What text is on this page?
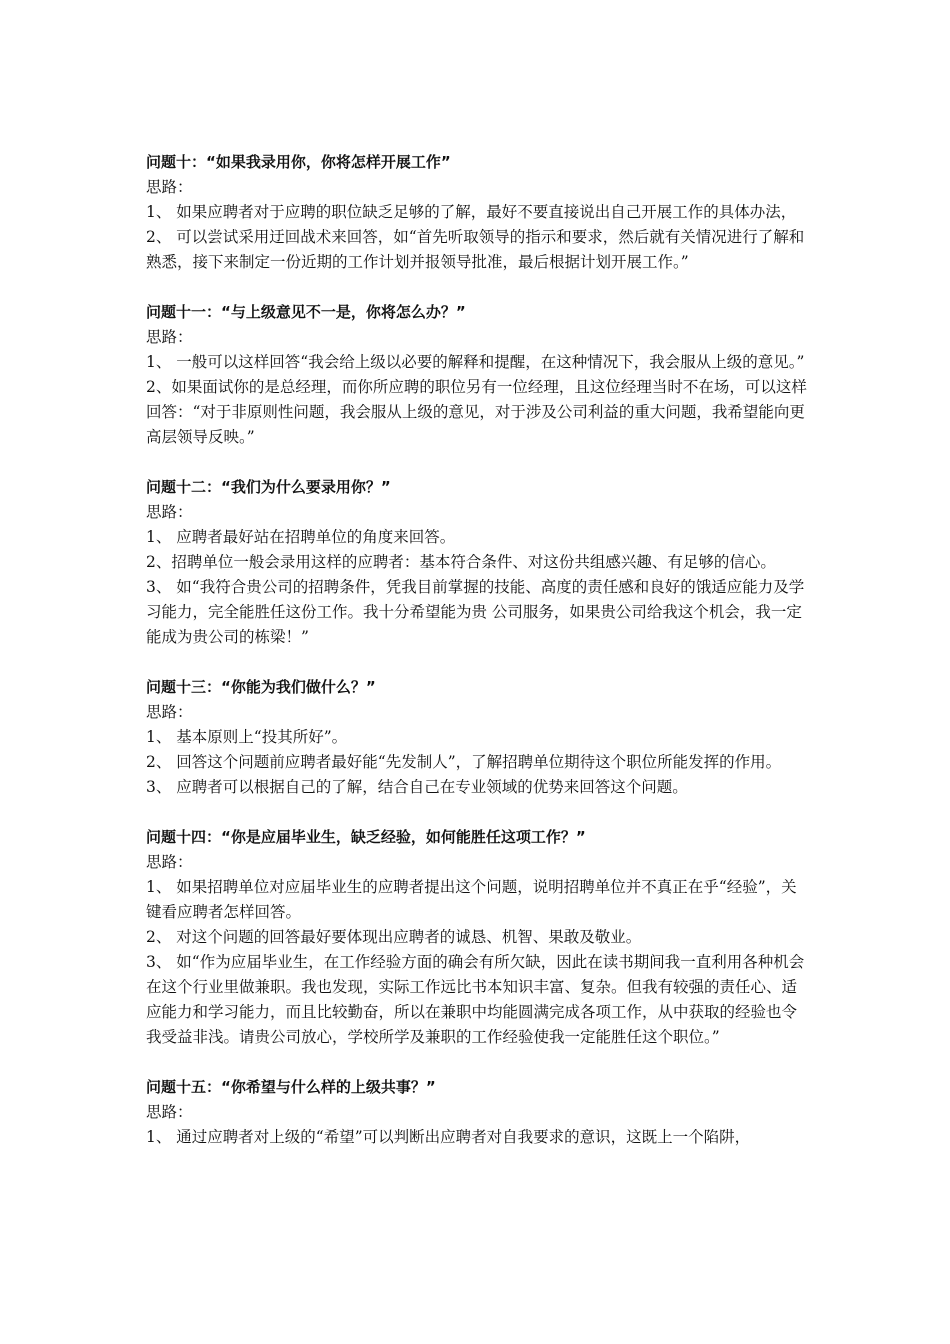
问题十：“如果我录用你，你将怎样开展工作”
思路：

1、 如果应聘者对于应聘的职位缺乏足够的了解，最好不要直接说出自己开展工作的具体办法，

2、 可以尝试采用迂回战术来回答，如“首先听取领导的指示和要求，然后就有关情况进行了解和熟悉，接下来制定一份近期的工作计划并报领导批准，最后根据计划开展工作。”

问题十一：“与上级意见不一是，你将怎么办？”
思路：

1、 一般可以这样回答“我会给上级以必要的解释和提醒，在这种情况下，我会服从上级的意见。”

2、如果面试你的是总经理，而你所应聘的职位另有一位经理，且这位经理当时不在场，可以这样回答：“对于非原则性问题，我会服从上级的意见，对于涉及公司利益的重大问题，我希望能向更高层领导反映。”

问题十二：“我们为什么要录用你？”
思路：

1、 应聘者最好站在招聘单位的角度来回答。

2、招聘单位一般会录用这样的应聘者：基本符合条件、对这份共组感兴趣、有足够的信心。

3、 如“我符合贵公司的招聘条件，凭我目前掌握的技能、高度的责任感和良好的饿适应能力及学习能力，完全能胜任这份工作。我十分希望能为贵 公司服务，如果贵公司给我这个机会，我一定能成为贵公司的栋梁！”

问题十三：“你能为我们做什么？”
思路：

1、 基本原则上“投其所好”。

2、 回答这个问题前应聘者最好能“先发制人”，了解招聘单位期待这个职位所能发挥的作用。 3、 应聘者可以根据自己的了解，结合自己在专业领域的优势来回答这个问题。

问题十四：“你是应届毕业生，缺乏经验，如何能胜任这项工作？”
思路：

1、 如果招聘单位对应届毕业生的应聘者提出这个问题，说明招聘单位并不真正在乎“经验”，关键看应聘者怎样回答。

2、 对这个问题的回答最好要体现出应聘者的诚恳、机智、果敢及敬业。

3、 如“作为应届毕业生，在工作经验方面的确会有所欠缺，因此在读书期间我一直利用各种机会在这个行业里做兼职。我也发现，实际工作远比书本知识丰富、复杂。但我有较强的责任心、适应能力和学习能力，而且比较勤奋，所以在兼职中均能圆满完成各项工作，从中获取的经验也令我受益非浅。请贵公司放心，学校所学及兼职的工作经验使我一定能胜任这个职位。”

问题十五：“你希望与什么样的上级共事？”
思路：

1、 通过应聘者对上级的“希望”可以判断出应聘者对自我要求的意识，这既上一个陷阱，
